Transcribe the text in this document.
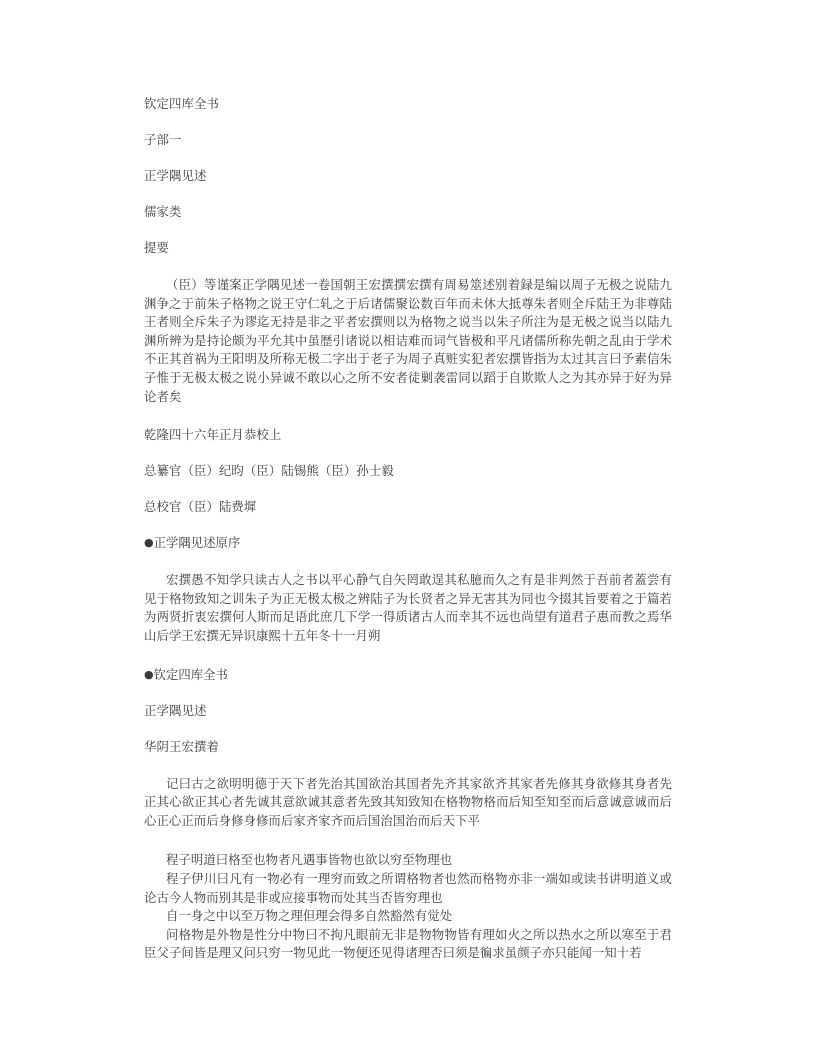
钦定四库全书

子部一

正学隅见述

儒家类

提要

（臣）等谨案正学隅见述一卷国朝王宏撰撰宏撰有周易筮述别着録是编以周子无极之说陆九渊争之于前朱子格物之说王守仁轧之于后诸儒聚讼数百年而未休大抵尊朱者则全斥陆王为非尊陆王者则全斥朱子为谬迄无持是非之平者宏撰则以为格物之说当以朱子所注为是无极之说当以陆九渊所辨为是持论颇为平允其中虽歴引诸说以相诘难而词气皆极和平凡诸儒所称先朝之乱由于学术不正其首祸为王阳明及所称无极二字出于老子为周子真赃实犯者宏撰皆指为太过其言曰予素信朱子惟于无极太极之说小异诚不敢以心之所不安者徒剿袭雷同以蹈于自欺欺人之为其亦异于好为异论者矣

乾隆四十六年正月恭校上

总纂官（臣）纪昀（臣）陆锡熊（臣）孙士毅

总校官（臣）陆费墀

●正学隅见述原序

宏撰愚不知学只读古人之书以平心静气自矢罔敢逞其私臆而久之有是非判然于吾前者蓋尝有见于格物致知之训朱子为正无极太极之辨陆子为长贤者之异无害其为同也今掇其旨要着之于篇若为两贤折衷宏撰何人斯而足语此庶几下学一得质诸古人而幸其不远也尚望有道君子惠而教之焉华山后学王宏撰无异识康熙十五年冬十一月朔

●钦定四库全书

正学隅见述

华阴王宏撰着

记曰古之欲明明德于天下者先治其国欲治其国者先齐其家欲齐其家者先修其身欲修其身者先正其心欲正其心者先诚其意欲诚其意者先致其知致知在格物物格而后知至知至而后意诚意诚而后心正心正而后身修身修而后家齐家齐而后国治国治而后天下平

程子明道曰格至也物者凡遇事皆物也欲以穷至物理也

程子伊川曰凡有一物必有一理穷而致之所谓格物者也然而格物亦非一端如或读书讲明道义或论古今人物而别其是非或应接事物而处其当否皆穷理也

自一身之中以至万物之理但理会得多自然豁然有觉处

问格物是外物是性分中物曰不拘凡眼前无非是物物物皆有理如火之所以热水之所以寒至于君臣父子间皆是理又问只穷一物见此一物便还见得诸理否曰须是徧求虽颜子亦只能闻一知十若
